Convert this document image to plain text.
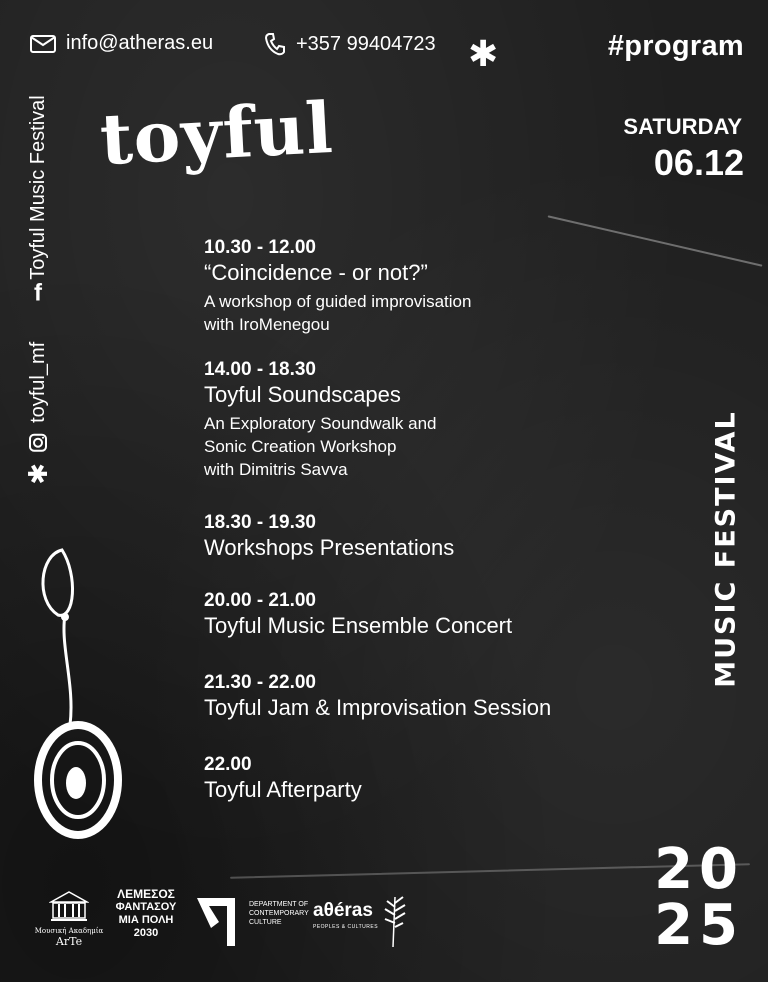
info@atheras.eu	+357 99404723 ✱	#program
toyful	SATURDAY
06.12
✱
toyful_mf
f
Toyful Music Festival	10.30 - 12.00
“Coincidence - or not?”
A workshop of guided improvisation
with IroMenegou
14.00 - 18.30
Toyful Soundscapes
An Exploratory Soundwalk and
Sonic Creation Workshop
with Dimitris Savva
18.30 - 19.30
Workshops Presentations
20.00 - 21.00
Toyful Music Ensemble Concert
21.30 - 22.00
Toyful Jam & Improvisation Session
22.00
Toyful Afterparty
MUSIC FESTIVAL
20
25
Μουσική Ακαδημία
ArTe
ΛΕΜΕΣΟΣ
ΦΑΝΤΑΣΟΥ
ΜΙΑ ΠΟΛΗ
2030
DEPARTMENT OF
CONTEMPORARY
CULTURE
aθéras
PEOPLES & CULTURES
